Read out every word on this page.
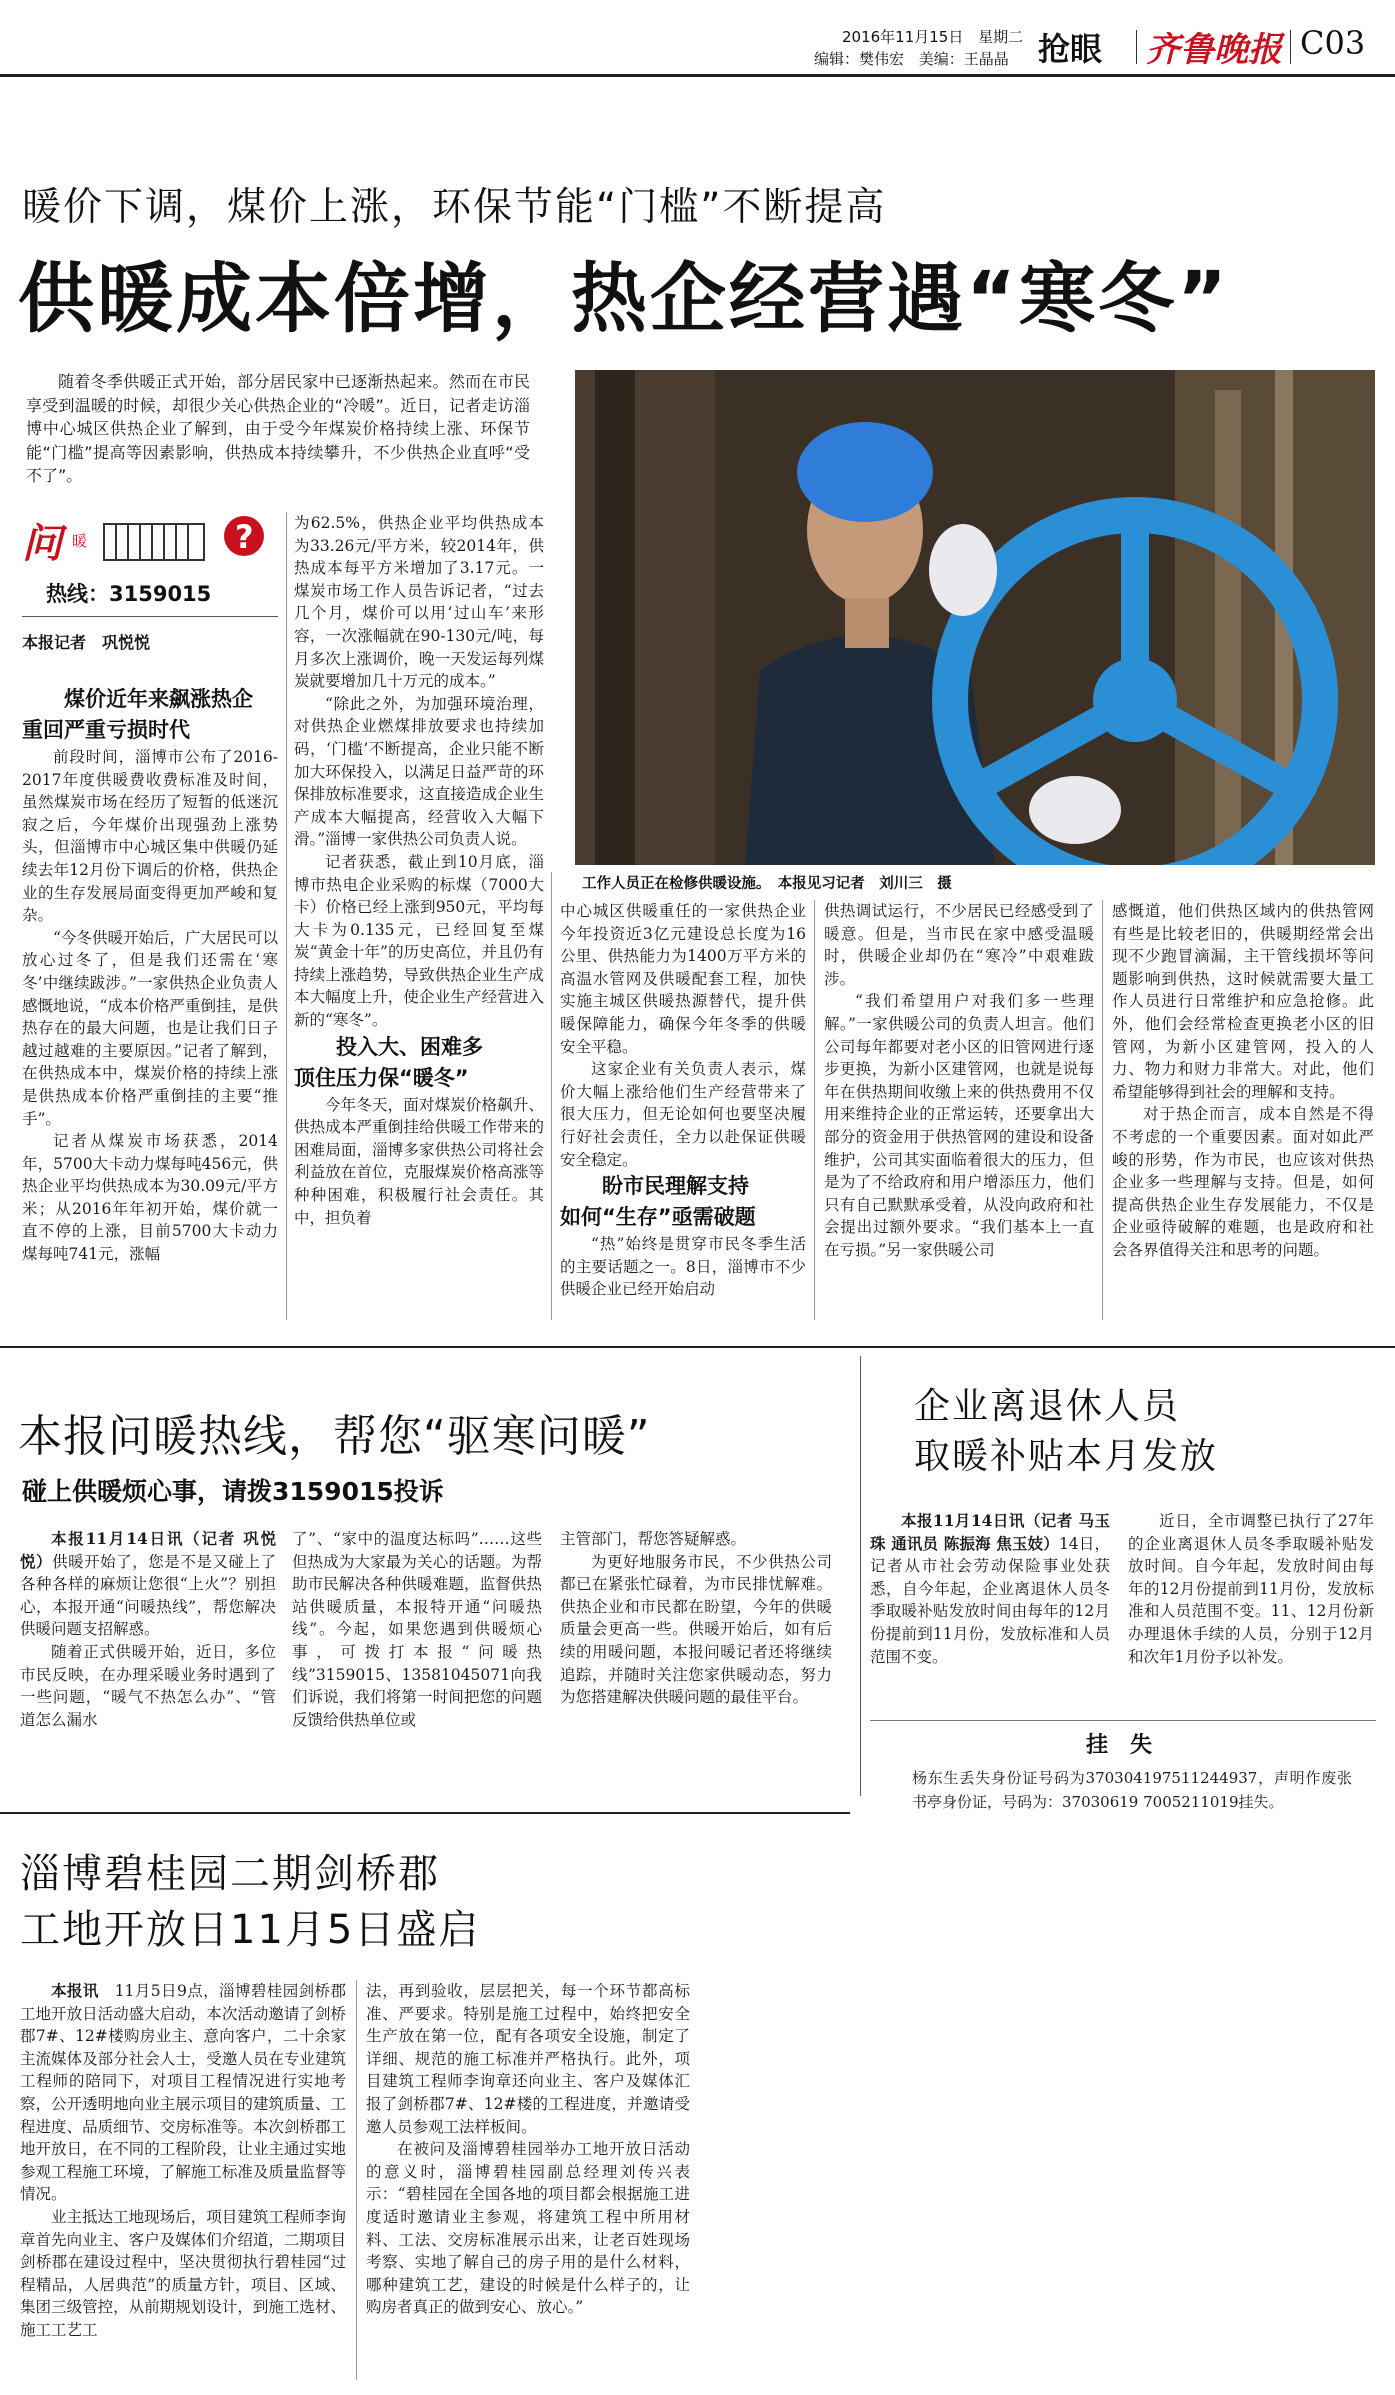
2016年11月15日 星期二
编辑：樊伟宏 美编：王晶晶 抢眼 齐鲁晚报 C03
暖价下调，煤价上涨，环保节能“门槛”不断提高
供暖成本倍增，热企经营遇“寒冬”

随着冬季供暖正式开始，部分居民家中已逐渐热起来。然而在市民享受到温暖的时候，却很少关心供热企业的“冷暖”。近日，记者走访淄博中心城区供热企业了解到，由于受今年煤炭价格持续上涨、环保节能“门槛”提高等因素影响，供热成本持续攀升，不少供热企业直呼“受不了”。

问 暖	?
热线：3159015
本报记者　巩悦悦

煤价近年来飙涨热企
重回严重亏损时代

前段时间，淄博市公布了2016-2017年度供暖费收费标准及时间，虽然煤炭市场在经历了短暂的低迷沉寂之后，今年煤价出现强劲上涨势头，但淄博市中心城区集中供暖仍延续去年12月份下调后的价格，供热企业的生存发展局面变得更加严峻和复杂。

“今冬供暖开始后，广大居民可以放心过冬了，但是我们还需在‘寒冬’中继续跋涉。”一家供热企业负责人感慨地说，“成本价格严重倒挂，是供热存在的最大问题，也是让我们日子越过越难的主要原因。”记者了解到，在供热成本中，煤炭价格的持续上涨是供热成本价格严重倒挂的主要“推手”。

记者从煤炭市场获悉，2014年，5700大卡动力煤每吨456元，供热企业平均供热成本为30.09元/平方米；从2016年年初开始，煤价就一直不停的上涨，目前5700大卡动力煤每吨741元，涨幅

为62.5%，供热企业平均供热成本为33.26元/平方米，较2014年，供热成本每平方米增加了3.17元。一煤炭市场工作人员告诉记者，“过去几个月，煤价可以用‘过山车’来形容，一次涨幅就在90-130元/吨，每月多次上涨调价，晚一天发运每列煤炭就要增加几十万元的成本。”

“除此之外，为加强环境治理，对供热企业燃煤排放要求也持续加码，‘门槛’不断提高，企业只能不断加大环保投入，以满足日益严苛的环保排放标准要求，这直接造成企业生产成本大幅提高，经营收入大幅下滑。”淄博一家供热公司负责人说。

记者获悉，截止到10月底，淄博市热电企业采购的标煤（7000大卡）价格已经上涨到950元，平均每大卡为0.135元，已经回复至煤炭“黄金十年”的历史高位，并且仍有持续上涨趋势，导致供热企业生产成本大幅度上升，使企业生产经营进入新的“寒冬”。

投入大、困难多
顶住压力保“暖冬”

今年冬天，面对煤炭价格飙升、供热成本严重倒挂给供暖工作带来的困难局面，淄博多家供热公司将社会利益放在首位，克服煤炭价格高涨等种种困难，积极履行社会责任。其中，担负着

工作人员正在检修供暖设施。　本报见习记者　刘川三　摄

中心城区供暖重任的一家供热企业今年投资近3亿元建设总长度为16公里、供热能力为1400万平方米的高温水管网及供暖配套工程，加快实施主城区供暖热源替代，提升供暖保障能力，确保今年冬季的供暖安全平稳。

这家企业有关负责人表示，煤价大幅上涨给他们生产经营带来了很大压力，但无论如何也要坚决履行好社会责任，全力以赴保证供暖安全稳定。

盼市民理解支持
如何“生存”亟需破题

“热”始终是贯穿市民冬季生活的主要话题之一。8日，淄博市不少供暖企业已经开始启动

供热调试运行，不少居民已经感受到了暖意。但是，当市民在家中感受温暖时，供暖企业却仍在“寒冷”中艰难跋涉。

“我们希望用户对我们多一些理解。”一家供暖公司的负责人坦言。他们公司每年都要对老小区的旧管网进行逐步更换，为新小区建管网，也就是说每年在供热期间收缴上来的供热费用不仅用来维持企业的正常运转，还要拿出大部分的资金用于供热管网的建设和设备维护，公司其实面临着很大的压力，但是为了不给政府和用户增添压力，他们只有自己默默承受着，从没向政府和社会提出过额外要求。“我们基本上一直在亏损。”另一家供暖公司

感慨道，他们供热区域内的供热管网有些是比较老旧的，供暖期经常会出现不少跑冒滴漏，主干管线损坏等问题影响到供热，这时候就需要大量工作人员进行日常维护和应急抢修。此外，他们会经常检查更换老小区的旧管网，为新小区建管网，投入的人力、物力和财力非常大。对此，他们希望能够得到社会的理解和支持。

对于热企而言，成本自然是不得不考虑的一个重要因素。面对如此严峻的形势，作为市民，也应该对供热企业多一些理解与支持。但是，如何提高供热企业生存发展能力，不仅是企业亟待破解的难题，也是政府和社会各界值得关注和思考的问题。

本报问暖热线，帮您“驱寒问暖”
碰上供暖烦心事，请拨3159015投诉

本报11月14日讯（记者 巩悦悦）供暖开始了，您是不是又碰上了各种各样的麻烦让您很“上火”？别担心，本报开通“问暖热线”，帮您解决供暖问题支招解惑。

随着正式供暖开始，近日，多位市民反映，在办理采暖业务时遇到了一些问题，“暖气不热怎么办”、“管道怎么漏水

了”、“家中的温度达标吗”……这些但热成为大家最为关心的话题。为帮助市民解决各种供暖难题，监督供热站供暖质量，本报特开通“问暖热线”。今起，如果您遇到供暖烦心事，可拨打本报“问暖热线”3159015、13581045071向我们诉说，我们将第一时间把您的问题反馈给供热单位或

主管部门，帮您答疑解惑。

为更好地服务市民，不少供热公司都已在紧张忙碌着，为市民排忧解难。供热企业和市民都在盼望，今年的供暖质量会更高一些。供暖开始后，如有后续的用暖问题，本报问暖记者还将继续追踪，并随时关注您家供暖动态，努力为您搭建解决供暖问题的最佳平台。

企业离退休人员
取暖补贴本月发放

本报11月14日讯（记者 马玉珠 通讯员 陈振海 焦玉妓）14日，记者从市社会劳动保险事业处获悉，自今年起，企业离退休人员冬季取暖补贴发放时间由每年的12月份提前到11月份，发放标准和人员范围不变。

近日，全市调整已执行了27年的企业离退休人员冬季取暖补贴发放时间。自今年起，发放时间由每年的12月份提前到11月份，发放标准和人员范围不变。11、12月份新办理退休手续的人员，分别于12月和次年1月份予以补发。

挂　失

杨东生丢失身份证号码为370304197511244937，声明作废张书亭身份证，号码为：37030619 7005211019挂失。

淄博碧桂园二期剑桥郡
工地开放日11月5日盛启

本报讯　 11月5日9点，淄博碧桂园剑桥郡工地开放日活动盛大启动，本次活动邀请了剑桥郡7#、12#楼购房业主、意向客户，二十余家主流媒体及部分社会人士，受邀人员在专业建筑工程师的陪同下，对项目工程情况进行实地考察，公开透明地向业主展示项目的建筑质量、工程进度、品质细节、交房标准等。本次剑桥郡工地开放日，在不同的工程阶段，让业主通过实地参观工程施工环境，了解施工标准及质量监督等情况。

业主抵达工地现场后，项目建筑工程师李询章首先向业主、客户及媒体们介绍道，二期项目剑桥郡在建设过程中，坚决贯彻执行碧桂园“过程精品，人居典范”的质量方针，项目、区域、集团三级管控，从前期规划设计，到施工选材、施工工艺工

法，再到验收，层层把关，每一个环节都高标准、严要求。特别是施工过程中，始终把安全生产放在第一位，配有各项安全设施，制定了详细、规范的施工标准并严格执行。此外，项目建筑工程师李询章还向业主、客户及媒体汇报了剑桥郡7#、12#楼的工程进度，并邀请受邀人员参观工法样板间。

在被问及淄博碧桂园举办工地开放日活动的意义时，淄博碧桂园副总经理刘传兴表示：“碧桂园在全国各地的项目都会根据施工进度适时邀请业主参观，将建筑工程中所用材料、工法、交房标准展示出来，让老百姓现场考察、实地了解自己的房子用的是什么材料，哪种建筑工艺，建设的时候是什么样子的，让购房者真正的做到安心、放心。”
